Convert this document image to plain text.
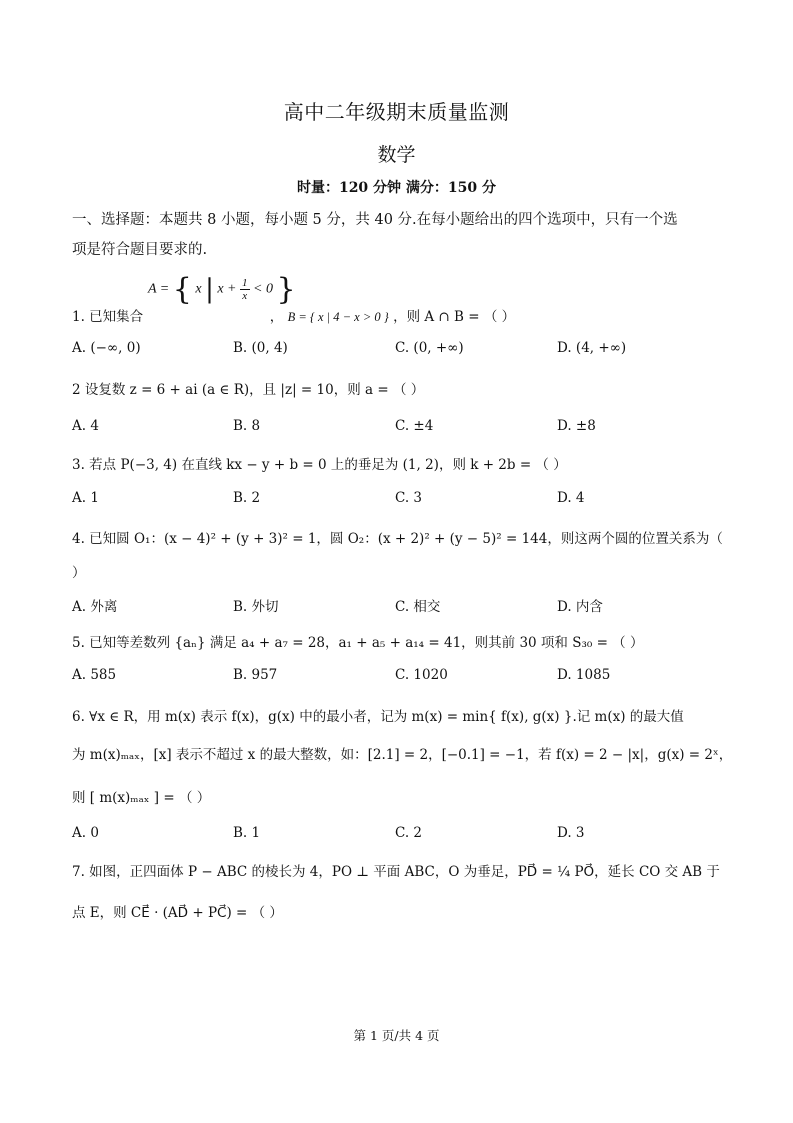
高中二年级期末质量监测
数学
时量：120 分钟 满分：150 分
一、选择题：本题共 8 小题，每小题 5 分，共 40 分.在每小题给出的四个选项中，只有一个选
项是符合题目要求的.
A = { x | $x + \frac{1}{x} < 0$ }
1. 已知集合	， B = { x | 4 − x > 0 } ，则 A ∩ B = （ ）
A. (−∞, 0)	B. (0, 4)	C. (0, +∞)	D. (4, +∞)
2 设复数 z = 6 + ai (a ∈ R)，且 |z| = 10，则 a = （ ）
A. 4	B. 8	C. ±4	D. ±8
3. 若点 P(−3, 4) 在直线 kx − y + b = 0 上的垂足为 (1, 2)，则 k + 2b = （ ）
A. 1	B. 2	C. 3	D. 4
4. 已知圆 O₁：(x − 4)² + (y + 3)² = 1，圆 O₂：(x + 2)² + (y − 5)² = 144，则这两个圆的位置关系为（
）
A. 外离	B. 外切	C. 相交	D. 内含
5. 已知等差数列 {aₙ} 满足 a₄ + a₇ = 28，a₁ + a₅ + a₁₄ = 41，则其前 30 项和 S₃₀ = （ ）
A. 585	B. 957	C. 1020	D. 1085
6. ∀x ∈ R，用 m(x) 表示 f(x)，g(x) 中的最小者，记为 m(x) = min{ f(x), g(x) }.记 m(x) 的最大值
为 m(x)ₘₐₓ，[x] 表示不超过 x 的最大整数，如：[2.1] = 2，[−0.1] = −1，若 f(x) = 2 − |x|，g(x) = 2ˣ，
则 [ m(x)ₘₐₓ ] = （ ）
A. 0	B. 1	C. 2	D. 3
7. 如图，正四面体 P − ABC 的棱长为 4，PO ⊥ 平面 ABC，O 为垂足，PD⃗ = ¼ PO⃗，延长 CO 交 AB 于
点 E，则 CE⃗ · (AD⃗ + PC⃗) = （ ）
第 1 页/共 4 页
